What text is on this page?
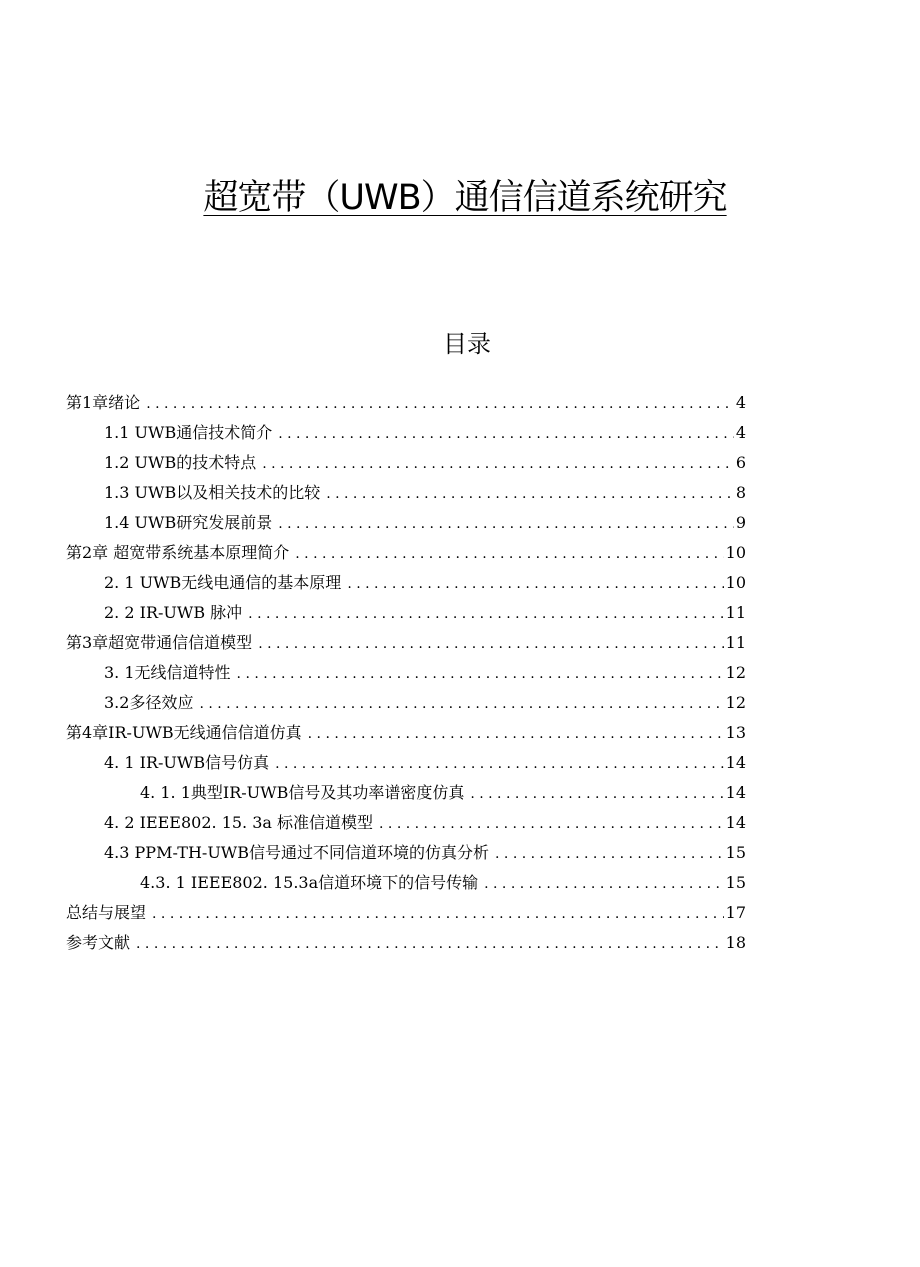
超宽带（UWB）通信信道系统研究
目录
第1章绪论 . . .	4
1.1 UWB通信技术简介 . . .	4
1.2 UWB的技术特点 . . .	6
1.3 UWB以及相关技术的比较 . . .	8
1.4 UWB研究发展前景 . . .	9
第2章 超宽带系统基本原理简介 . . .	10
2. 1 UWB无线电通信的基本原理 . . .	10
2. 2 IR-UWB 脉冲 . . .	11
第3章超宽带通信信道模型 . . .	11
3. 1无线信道特性 . . .	12
3.2多径效应 . . .	12
第4章IR-UWB无线通信信道仿真 . . .	13
4. 1 IR-UWB信号仿真 . . .	14
4. 1. 1典型IR-UWB信号及其功率谱密度仿真 . . .	14
4. 2 IEEE802. 15. 3a 标准信道模型 . . .	14
4.3 PPM-TH-UWB信号通过不同信道环境的仿真分析 . . .	15
4.3. 1 IEEE802. 15.3a信道环境下的信号传输 . . .	15
总结与展望 . . .	17
参考文献 . . .	18
